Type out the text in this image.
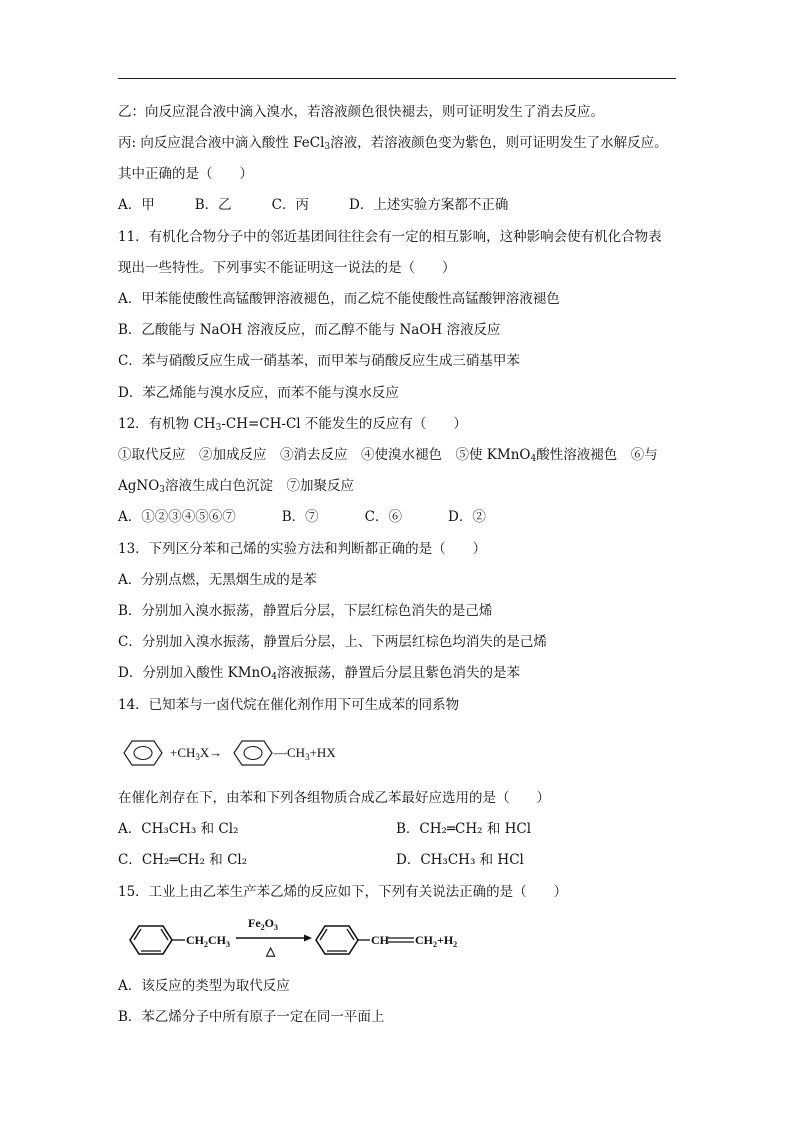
乙：向反应混合液中滴入溴水，若溶液颜色很快褪去，则可证明发生了消去反应。
丙: 向反应混合液中滴入酸性 FeCl$_3$溶液，若溶液颜色变为紫色，则可证明发生了水解反应。
其中正确的是（　　）
A．甲	B．乙	C．丙	D．上述实验方案都不正确
11．有机化合物分子中的邻近基团间往往会有一定的相互影响，这种影响会使有机化合物表
现出一些特性。下列事实不能证明这一说法的是（　　）
A．甲苯能使酸性高锰酸钾溶液褪色，而乙烷不能使酸性高锰酸钾溶液褪色
B．乙酸能与 NaOH 溶液反应，而乙醇不能与 NaOH 溶液反应
C．苯与硝酸反应生成一硝基苯，而甲苯与硝酸反应生成三硝基甲苯
D．苯乙烯能与溴水反应，而苯不能与溴水反应
12．有机物 $CH_3-CH=CH-Cl$ 不能发生的反应有（　　）
①取代反应　②加成反应　③消去反应　④使溴水褪色　⑤使 KMnO$_4$酸性溶液褪色　⑥与
AgNO$_3$溶液生成白色沉淀　⑦加聚反应
A．①②③④⑤⑥⑦	B．⑦	C．⑥	D．②
13．下列区分苯和己烯的实验方法和判断都正确的是（　　）
A．分别点燃，无黑烟生成的是苯
B．分别加入溴水振荡，静置后分层，下层红棕色消失的是己烯
C．分别加入溴水振荡，静置后分层，上、下两层红棕色均消失的是己烯
D．分别加入酸性 KMnO$_4$溶液振荡，静置后分层且紫色消失的是苯
14．已知苯与一卤代烷在催化剂作用下可生成苯的同系物
$+CH_3X\to$	$—CH_3+HX$
在催化剂存在下，由苯和下列各组物质合成乙苯最好应选用的是（　　）
A．CH₃CH₃ 和 Cl₂	B．CH₂═CH₂ 和 HCl
C．CH₂═CH₂ 和 Cl₂	D．CH₃CH₃ 和 HCl
15．工业上由乙苯生产苯乙烯的反应如下，下列有关说法正确的是（　　）
$CH_2CH_3$
$Fe_2O_3$
△
CH $CH_2+H_2$
A．该反应的类型为取代反应
B．苯乙烯分子中所有原子一定在同一平面上
